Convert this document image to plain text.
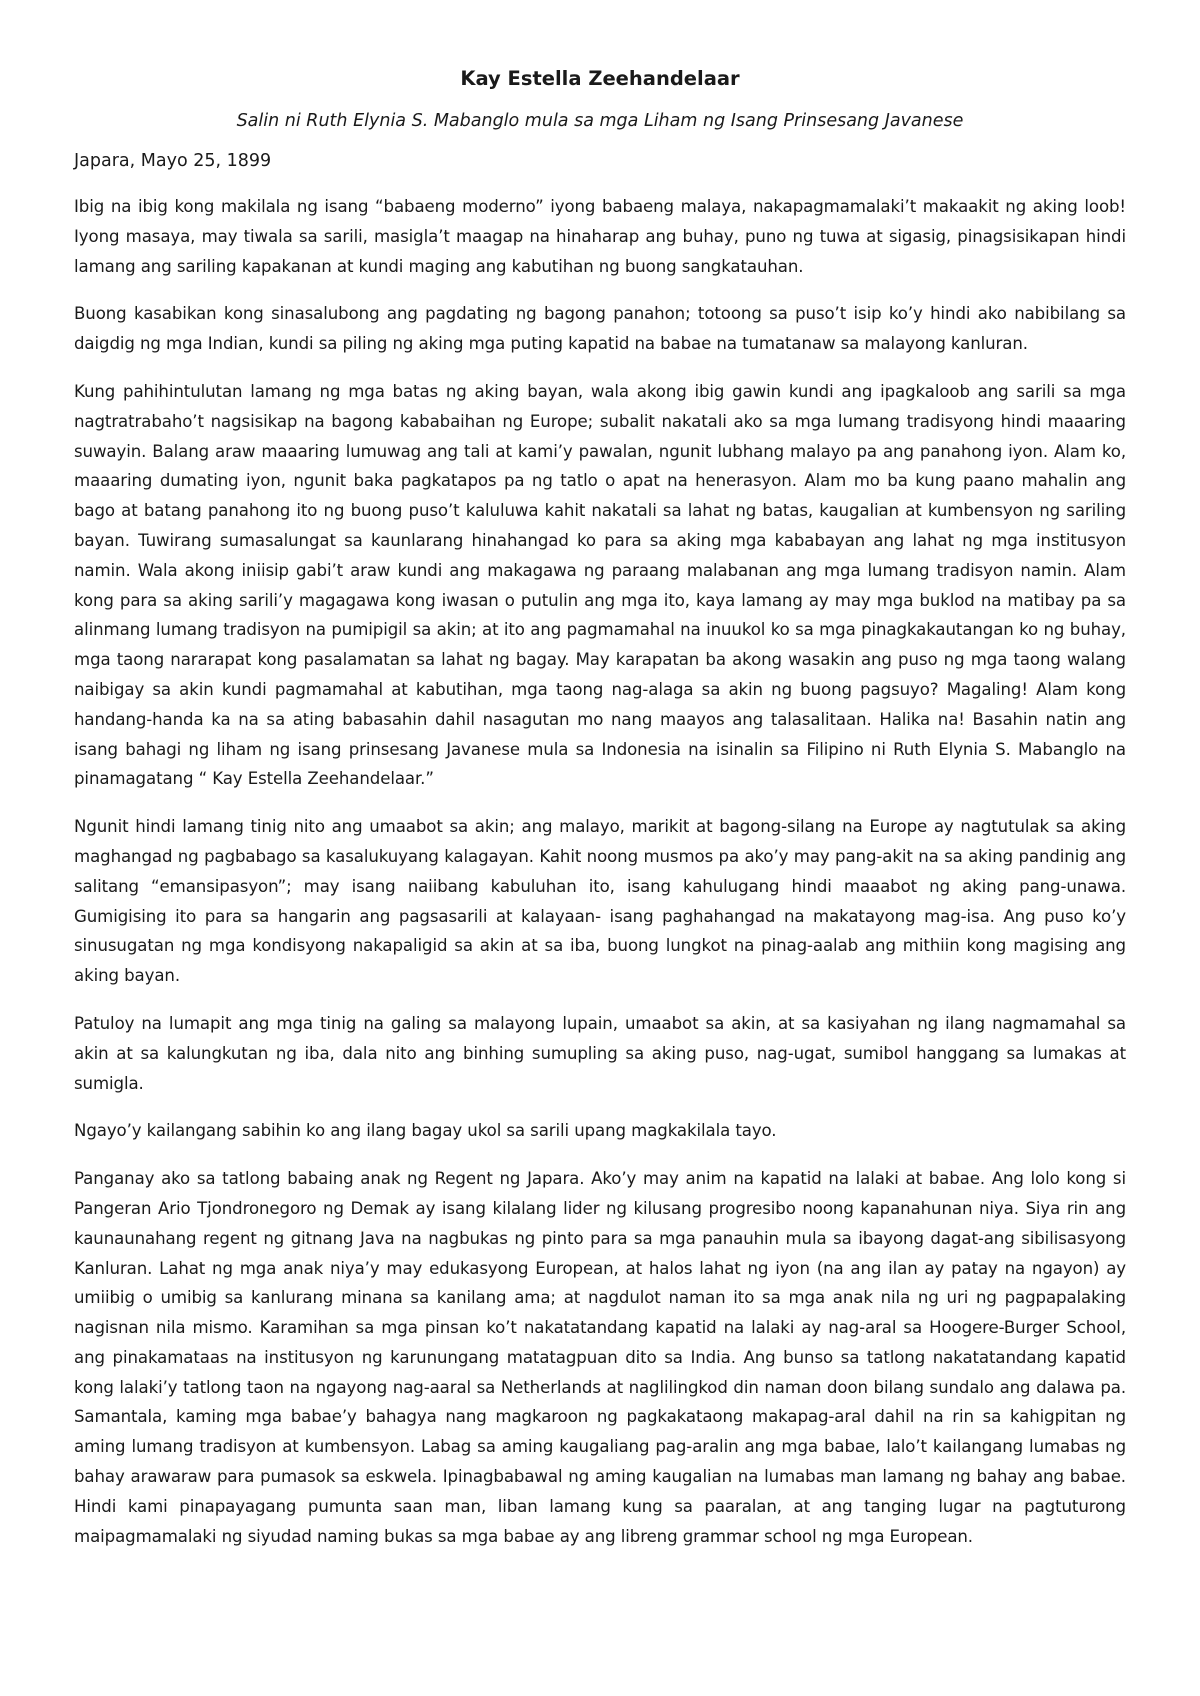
Kay Estella Zeehandelaar
Salin ni Ruth Elynia S. Mabanglo mula sa mga Liham ng Isang Prinsesang Javanese
Japara, Mayo 25, 1899

Ibig na ibig kong makilala ng isang “babaeng moderno” iyong babaeng malaya, nakapagmamalaki’t makaakit ng aking loob! Iyong masaya, may tiwala sa sarili, masigla’t maagap na hinaharap ang buhay, puno ng tuwa at sigasig, pinagsisikapan hindi lamang ang sariling kapakanan at kundi maging ang kabutihan ng buong sangkatauhan.

Buong kasabikan kong sinasalubong ang pagdating ng bagong panahon; totoong sa puso’t isip ko’y hindi ako nabibilang sa daigdig ng mga Indian, kundi sa piling ng aking mga puting kapatid na babae na tumatanaw sa malayong kanluran.

Kung pahihintulutan lamang ng mga batas ng aking bayan, wala akong ibig gawin kundi ang ipagkaloob ang sarili sa mga nagtratrabaho’t nagsisikap na bagong kababaihan ng Europe; subalit nakatali ako sa mga lumang tradisyong hindi maaaring suwayin. Balang araw maaaring lumuwag ang tali at kami’y pawalan, ngunit lubhang malayo pa ang panahong iyon. Alam ko, maaaring dumating iyon, ngunit baka pagkatapos pa ng tatlo o apat na henerasyon. Alam mo ba kung paano mahalin ang bago at batang panahong ito ng buong puso’t kaluluwa kahit nakatali sa lahat ng batas, kaugalian at kumbensyon ng sariling bayan. Tuwirang sumasalungat sa kaunlarang hinahangad ko para sa aking mga kababayan ang lahat ng mga institusyon namin. Wala akong iniisip gabi’t araw kundi ang makagawa ng paraang malabanan ang mga lumang tradisyon namin. Alam kong para sa aking sarili’y magagawa kong iwasan o putulin ang mga ito, kaya lamang ay may mga buklod na matibay pa sa alinmang lumang tradisyon na pumipigil sa akin; at ito ang pagmamahal na inuukol ko sa mga pinagkakautangan ko ng buhay, mga taong nararapat kong pasalamatan sa lahat ng bagay. May karapatan ba akong wasakin ang puso ng mga taong walang naibigay sa akin kundi pagmamahal at kabutihan, mga taong nag-alaga sa akin ng buong pagsuyo? Magaling! Alam kong handang-handa ka na sa ating babasahin dahil nasagutan mo nang maayos ang talasalitaan. Halika na! Basahin natin ang isang bahagi ng liham ng isang prinsesang Javanese mula sa Indonesia na isinalin sa Filipino ni Ruth Elynia S. Mabanglo na pinamagatang “ Kay Estella Zeehandelaar.”

Ngunit hindi lamang tinig nito ang umaabot sa akin; ang malayo, marikit at bagong-silang na Europe ay nagtutulak sa aking maghangad ng pagbabago sa kasalukuyang kalagayan. Kahit noong musmos pa ako’y may pang-akit na sa aking pandinig ang salitang “emansipasyon”; may isang naiibang kabuluhan ito, isang kahulugang hindi maaabot ng aking pang-unawa. Gumigising ito para sa hangarin ang pagsasarili at kalayaan- isang paghahangad na makatayong mag-isa. Ang puso ko’y sinusugatan ng mga kondisyong nakapaligid sa akin at sa iba, buong lungkot na pinag-aalab ang mithiin kong magising ang aking bayan.

Patuloy na lumapit ang mga tinig na galing sa malayong lupain, umaabot sa akin, at sa kasiyahan ng ilang nagmamahal sa akin at sa kalungkutan ng iba, dala nito ang binhing sumupling sa aking puso, nag-ugat, sumibol hanggang sa lumakas at sumigla.

Ngayo’y kailangang sabihin ko ang ilang bagay ukol sa sarili upang magkakilala tayo.

Panganay ako sa tatlong babaing anak ng Regent ng Japara. Ako’y may anim na kapatid na lalaki at babae. Ang lolo kong si Pangeran Ario Tjondronegoro ng Demak ay isang kilalang lider ng kilusang progresibo noong kapanahunan niya. Siya rin ang kaunaunahang regent ng gitnang Java na nagbukas ng pinto para sa mga panauhin mula sa ibayong dagat-ang sibilisasyong Kanluran. Lahat ng mga anak niya’y may edukasyong European, at halos lahat ng iyon (na ang ilan ay patay na ngayon) ay umiibig o umibig sa kanlurang minana sa kanilang ama; at nagdulot naman ito sa mga anak nila ng uri ng pagpapalaking nagisnan nila mismo. Karamihan sa mga pinsan ko’t nakatatandang kapatid na lalaki ay nag-aral sa Hoogere-Burger School, ang pinakamataas na institusyon ng karunungang matatagpuan dito sa India. Ang bunso sa tatlong nakatatandang kapatid kong lalaki’y tatlong taon na ngayong nag-aaral sa Netherlands at naglilingkod din naman doon bilang sundalo ang dalawa pa. Samantala, kaming mga babae’y bahagya nang magkaroon ng pagkakataong makapag-aral dahil na rin sa kahigpitan ng aming lumang tradisyon at kumbensyon. Labag sa aming kaugaliang pag-aralin ang mga babae, lalo’t kailangang lumabas ng bahay arawaraw para pumasok sa eskwela. Ipinagbabawal ng aming kaugalian na lumabas man lamang ng bahay ang babae. Hindi kami pinapayagang pumunta saan man, liban lamang kung sa paaralan, at ang tanging lugar na pagtuturong maipagmamalaki ng siyudad naming bukas sa mga babae ay ang libreng grammar school ng mga European.
